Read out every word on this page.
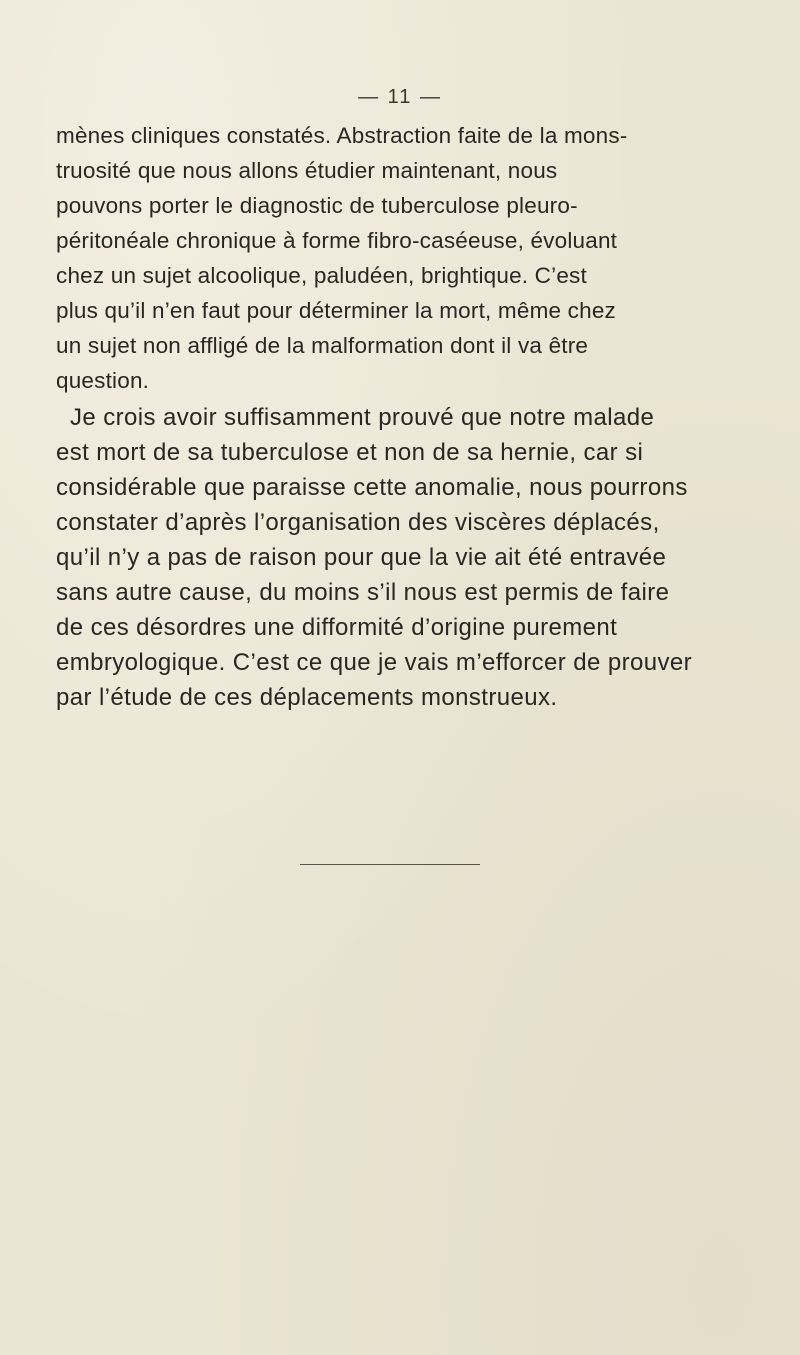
— 11 —
mènes cliniques constatés. Abstraction faite de la mons-
truosité que nous allons étudier maintenant, nous
pouvons porter le diagnostic de tuberculose pleuro-
péritonéale chronique à forme fibro-caséeuse, évoluant
chez un sujet alcoolique, paludéen, brightique. C’est
plus qu’il n’en faut pour déterminer la mort, même chez
un sujet non affligé de la malformation dont il va être
question.
Je crois avoir suffisamment prouvé que notre malade
est mort de sa tuberculose et non de sa hernie, car si
considérable que paraisse cette anomalie, nous pourrons
constater d’après l’organisation des viscères déplacés,
qu’il n’y a pas de raison pour que la vie ait été entravée
sans autre cause, du moins s’il nous est permis de faire
de ces désordres une difformité d’origine purement
embryologique. C’est ce que je vais m’efforcer de prouver
par l’étude de ces déplacements monstrueux.
